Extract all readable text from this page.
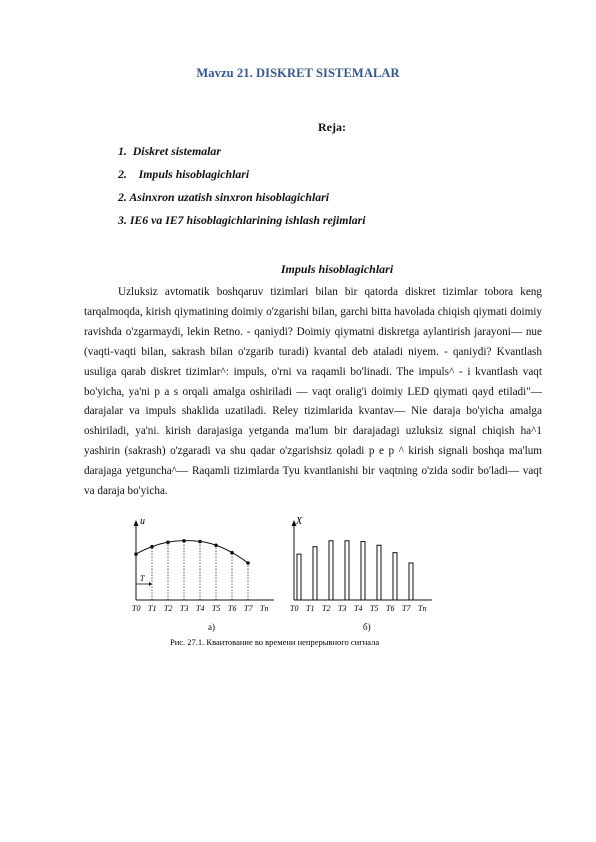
Mavzu 21. DISKRET SISTEMALAR
Reja:
1. Diskret sistemalar
2. Impuls hisoblagichlari
2. Asinxron uzatish sinxron hisoblagichlari
3. IE6 va IE7 hisoblagichlarining ishlash rejimlari
Impuls hisoblagichlari
Uzluksiz avtomatik boshqaruv tizimlari bilan bir qatorda diskret tizimlar tobora keng tarqalmoqda, kirish qiymatining doimiy o'zgarishi bilan, garchi bitta havolada chiqish qiymati doimiy ravishda o'zgarmaydi, lekin Retno. - qaniydi? Doimiy qiymatni diskretga aylantirish jarayoni— nue (vaqti-vaqti bilan, sakrash bilan o'zgarib turadi) kvantal deb ataladi niyem. - qaniydi? Kvantlash usuliga qarab diskret tizimlar^: impuls, o'rni va raqamli bo'linadi. The impuls^ - i kvantlash vaqt bo'yicha, ya'ni p a s orqali amalga oshiriladi — vaqt oralig'i doimiy LED qiymati qayd etiladi"— darajalar va impuls shaklida uzatiladi. Reley tizimlarida kvantav— Nie daraja bo'yicha amalga oshiriladi, ya'ni. kirish darajasiga yetganda ma'lum bir darajadagi uzluksiz signal chiqish ha^1 yashirin (sakrash) o'zgaradi va shu qadar o'zgarishsiz qoladi p e p ^ kirish signali boshqa ma'lum darajaga yetguncha^— Raqamli tizimlarda Tyu kvantlanishi bir vaqtning o'zida sodir bo'ladi— vaqt va daraja bo'yicha.
u	X
a)	б)
Рис. 27.1. Квантование во времени непрерывного сигнала
T
T0 T1 T2 T3 T4 T5 T6 T7 Tn	T0 T1 T2 T3 T4 T5 T6 T7 Tn
